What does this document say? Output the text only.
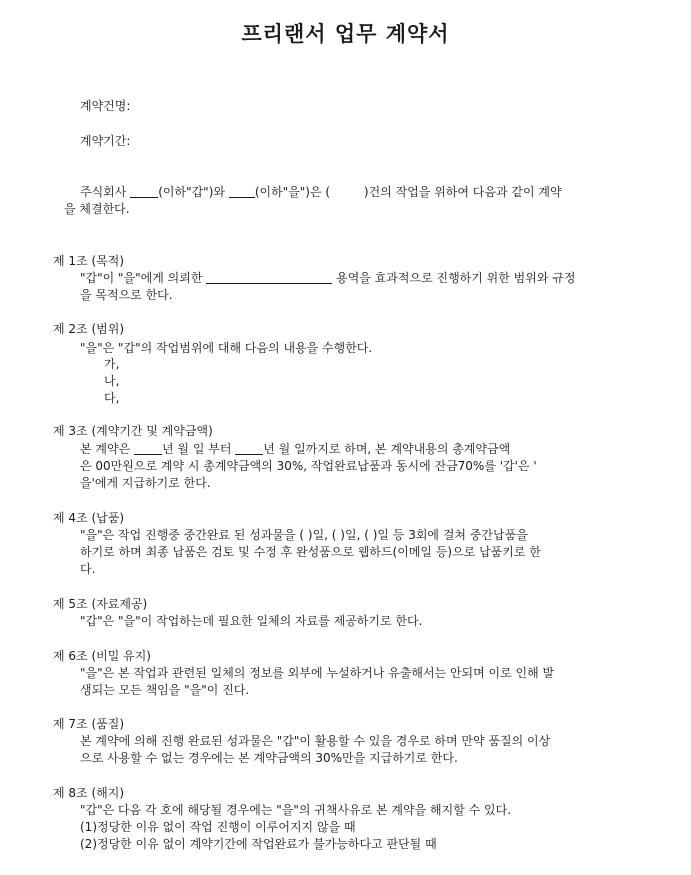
프리랜서 업무 계약서
계약건명:
계약기간:
주식회사	(이하"갑")와 (이하"을")은 (	)건의 작업을 위하여 다음과 같이 계약
을 체결한다.
제 1조 (목적)
"갑"이 "을"에게 의뢰한	용역을 효과적으로 진행하기 위한 범위와 규정
을 목적으로 한다.
제 2조 (범위)
"을"은 "갑"의 작업범위에 대해 다음의 내용을 수행한다.
가,
나,
다,
제 3조 (계약기간 및 계약금액)
본 계약은	년 월 일 부터	년 월 일까지로 하며, 본 계약내용의 총계약금액
은 00만원으로 계약 시 총계약금액의 30%, 작업완료납품과 동시에 잔금70%를 '갑'은 '
을'에게 지급하기로 한다.
제 4조 (납품)
"을"은 작업 진행중 중간완료 된 성과물을 ( )일, ( )일, ( )일 등 3회에 걸쳐 중간납품을
하기로 하며 최종 납품은 검토 및 수정 후 완성품으로 웹하드(이메일 등)으로 납품키로 한
다.
제 5조 (자료제공)
"갑"은 "을"이 작업하는데 필요한 일체의 자료를 제공하기로 한다.
제 6조 (비밀 유지)
"을"은 본 작업과 관련된 일체의 정보를 외부에 누설하거나 유출해서는 안되며 이로 인해 발
생되는 모든 책임을 "을"이 진다.
제 7조 (품질)
본 계약에 의해 진행 완료된 성과물은 "갑"이 활용할 수 있을 경우로 하며 만약 품질의 이상
으로 사용할 수 없는 경우에는 본 계약금액의 30%만을 지급하기로 한다.
제 8조 (해지)
"갑"은 다음 각 호에 해당될 경우에는 "을"의 귀책사유로 본 계약을 해지할 수 있다.
(1)정당한 이유 없이 작업 진행이 이루어지지 않을 때
(2)정당한 이유 없이 계약기간에 작업완료가 불가능하다고 판단될 때
